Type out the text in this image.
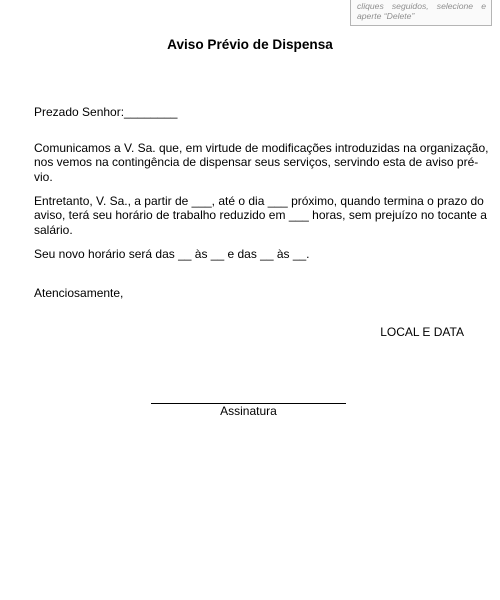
cliques seguidos, selecione e
aperte “Delete”
Aviso Prévio de Dispensa
Prezado Senhor:________
Comunicamos a V. Sa. que, em virtude de modificações introduzidas na organização,
nos vemos na contingência de dispensar seus serviços, servindo esta de aviso pré-
vio.
Entretanto, V. Sa., a partir de ___, até o dia ___ próximo, quando termina o prazo do
aviso, terá seu horário de trabalho reduzido em ___ horas, sem prejuízo no tocante a
salário.
Seu novo horário será das __ às __ e das __ às __.
Atenciosamente,
LOCAL E DATA
Assinatura
